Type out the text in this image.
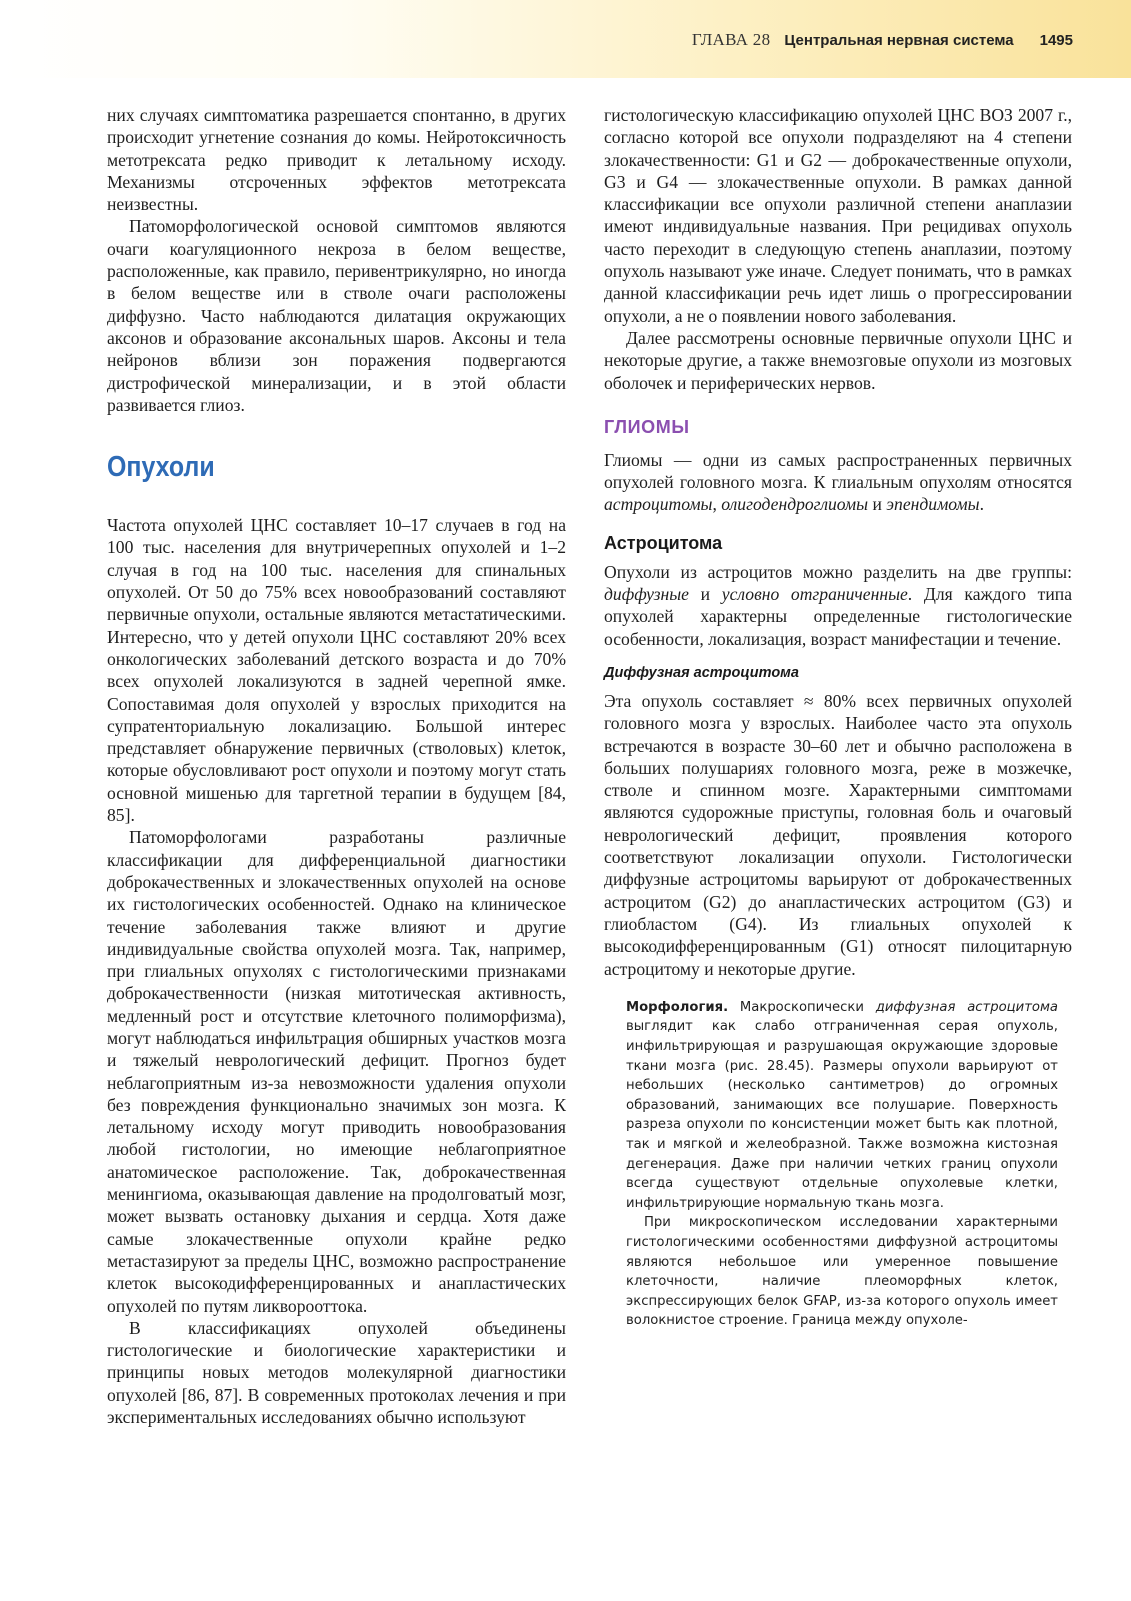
ГЛАВА 28 Центральная нервная система 1495

них случаях симптоматика разрешается спонтанно, в других происходит угнетение сознания до комы. Нейротоксичность метотрексата редко приводит к летальному исходу. Механизмы отсроченных эффектов метотрексата неизвестны.

Патоморфологической основой симптомов являются очаги коагуляционного некроза в белом веществе, расположенные, как правило, перивентрикулярно, но иногда в белом веществе или в стволе очаги расположены диффузно. Часто наблюдаются дилатация окружающих аксонов и образование аксональных шаров. Аксоны и тела нейронов вблизи зон поражения подвергаются дистрофической минерализации, и в этой области развивается глиоз.

Опухоли

Частота опухолей ЦНС составляет 10–17 случаев в год на 100 тыс. населения для внутричерепных опухолей и 1–2 случая в год на 100 тыс. населения для спинальных опухолей. От 50 до 75% всех новообразований составляют первичные опухоли, остальные являются метастатическими. Интересно, что у детей опухоли ЦНС составляют 20% всех онкологических заболеваний детского возраста и до 70% всех опухолей локализуются в задней черепной ямке. Сопоставимая доля опухолей у взрослых приходится на супратенториальную локализацию. Большой интерес представляет обнаружение первичных (стволовых) клеток, которые обусловливают рост опухоли и поэтому могут стать основной мишенью для таргетной терапии в будущем [84, 85].

Патоморфологами разработаны различные классификации для дифференциальной диагностики доброкачественных и злокачественных опухолей на основе их гистологических особенностей. Однако на клиническое течение заболевания также влияют и другие индивидуальные свойства опухолей мозга. Так, например, при глиальных опухолях с гистологическими признаками доброкачественности (низкая митотическая активность, медленный рост и отсутствие клеточного полиморфизма), могут наблюдаться инфильтрация обширных участков мозга и тяжелый неврологический дефицит. Прогноз будет неблагоприятным из-за невозможности удаления опухоли без повреждения функционально значимых зон мозга. К летальному исходу могут приводить новообразования любой гистологии, но имеющие неблагоприятное анатомическое расположение. Так, доброкачественная менингиома, оказывающая давление на продолговатый мозг, может вызвать остановку дыхания и сердца. Хотя даже самые злокачественные опухоли крайне редко метастазируют за пределы ЦНС, возможно распространение клеток высокодифференцированных и анапластических опухолей по путям ликворооттока.

В классификациях опухолей объединены гистологические и биологические характеристики и принципы новых методов молекулярной диагностики опухолей [86, 87]. В современных протоколах лечения и при экспериментальных исследованиях обычно используют

гистологическую классификацию опухолей ЦНС ВОЗ 2007 г., согласно которой все опухоли подразделяют на 4 степени злокачественности: G1 и G2 — доброкачественные опухоли, G3 и G4 — злокачественные опухоли. В рамках данной классификации все опухоли различной степени анаплазии имеют индивидуальные названия. При рецидивах опухоль часто переходит в следующую степень анаплазии, поэтому опухоль называют уже иначе. Следует понимать, что в рамках данной классификации речь идет лишь о прогрессировании опухоли, а не о появлении нового заболевания.

Далее рассмотрены основные первичные опухоли ЦНС и некоторые другие, а также внемозговые опухоли из мозговых оболочек и периферических нервов.

ГЛИОМЫ

Глиомы — одни из самых распространенных первичных опухолей головного мозга. К глиальным опухолям относятся астроцитомы, олигодендроглиомы и эпендимомы.

Астроцитома

Опухоли из астроцитов можно разделить на две группы: диффузные и условно отграниченные. Для каждого типа опухолей характерны определенные гистологические особенности, локализация, возраст манифестации и течение.

Диффузная астроцитома

Эта опухоль составляет ≈ 80% всех первичных опухолей головного мозга у взрослых. Наиболее часто эта опухоль встречаются в возрасте 30–60 лет и обычно расположена в больших полушариях головного мозга, реже в мозжечке, стволе и спинном мозге. Характерными симптомами являются судорожные приступы, головная боль и очаговый неврологический дефицит, проявления которого соответствуют локализации опухоли. Гистологически диффузные астроцитомы варьируют от доброкачественных астроцитом (G2) до анапластических астроцитом (G3) и глиобластом (G4). Из глиальных опухолей к высокодифференцированным (G1) относят пилоцитарную астроцитому и некоторые другие.

Морфология. Макроскопически диффузная астроцитома выглядит как слабо отграниченная серая опухоль, инфильтрирующая и разрушающая окружающие здоровые ткани мозга (рис. 28.45). Размеры опухоли варьируют от небольших (несколько сантиметров) до огромных образований, занимающих все полушарие. Поверхность разреза опухоли по консистенции может быть как плотной, так и мягкой и желеобразной. Также возможна кистозная дегенерация. Даже при наличии четких границ опухоли всегда существуют отдельные опухолевые клетки, инфильтрирующие нормальную ткань мозга.

При микроскопическом исследовании характерными гистологическими особенностями диффузной астроцитомы являются небольшое или умеренное повышение клеточности, наличие плеоморфных клеток, экспрессирующих белок GFAP, из-за которого опухоль имеет волокнистое строение. Граница между опухоле-
